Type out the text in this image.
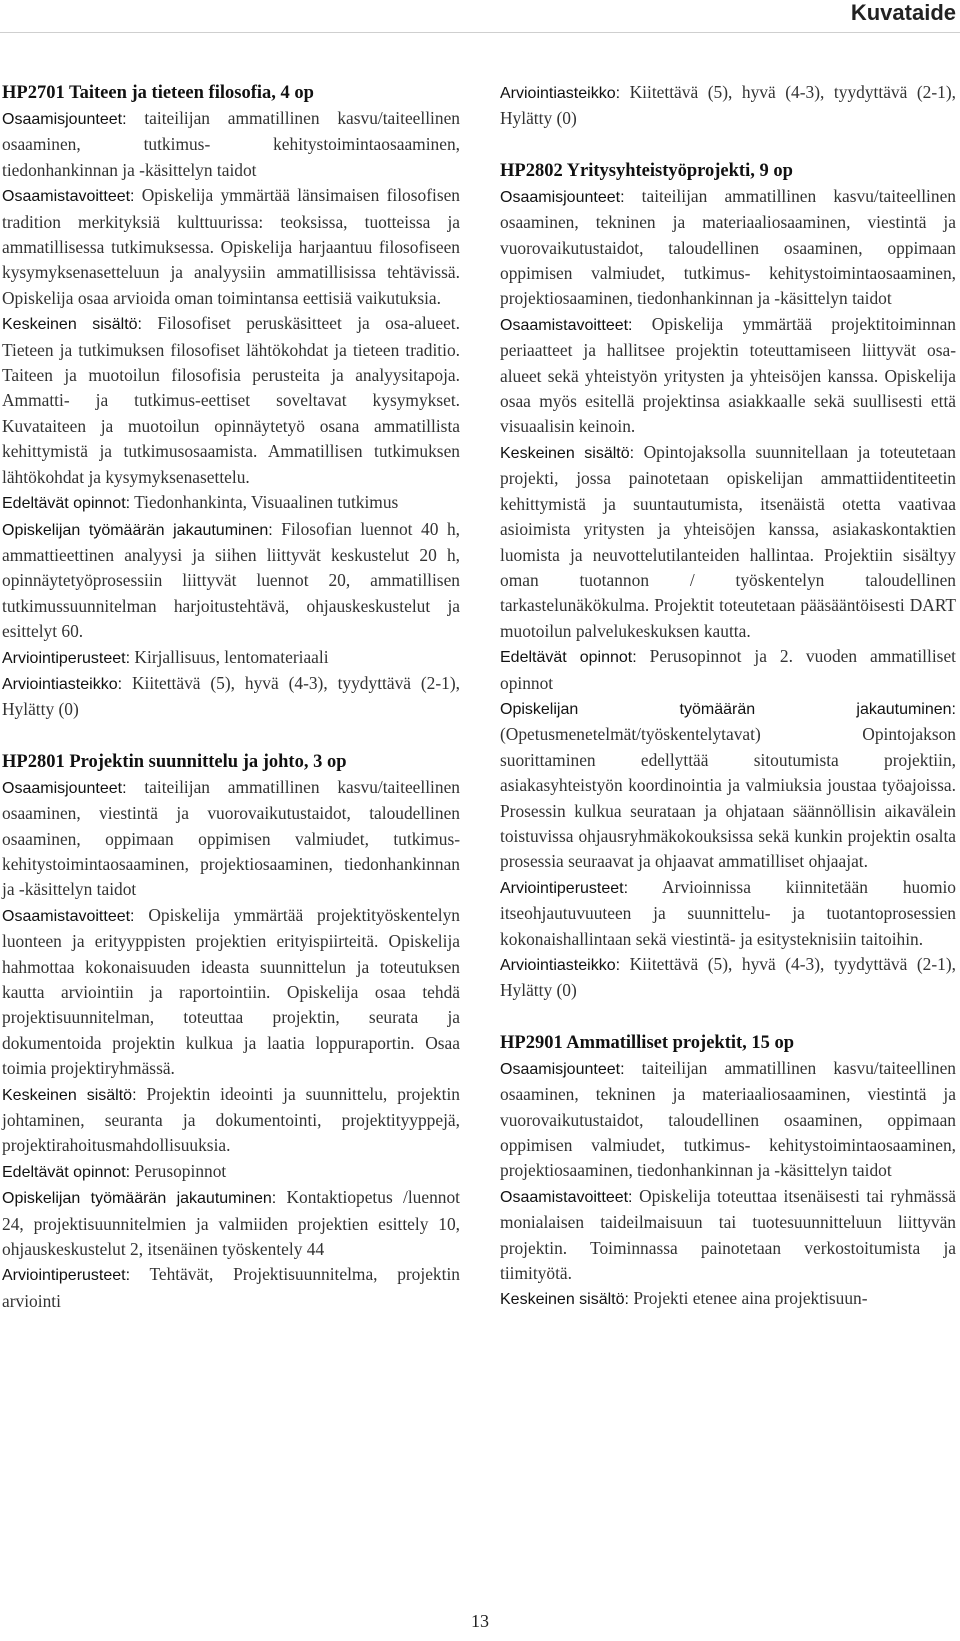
Kuvataide

HP2701 Taiteen ja tieteen filosofia, 4 op

Osaamisjounteet: taiteilijan ammatillinen kasvu/taiteellinen osaaminen, tutkimus- kehitystoimintaosaaminen, tiedonhankinnan ja -käsittelyn taidot

Osaamistavoitteet: Opiskelija ymmärtää länsimaisen filosofisen tradition merkityksiä kulttuurissa: teoksissa, tuotteissa ja ammatillisessa tutkimuksessa. Opiskelija harjaantuu filosofiseen kysymyksenasetteluun ja analyysiin ammatillisissa tehtävissä. Opiskelija osaa arvioida oman toimintansa eettisiä vaikutuksia.

Keskeinen sisältö: Filosofiset peruskäsitteet ja osa-alueet. Tieteen ja tutkimuksen filosofiset lähtökohdat ja tieteen traditio. Taiteen ja muotoilun filosofisia perusteita ja analyysitapoja. Ammatti- ja tutkimus-eettiset soveltavat kysymykset. Kuvataiteen ja muotoilun opinnäytetyö osana ammatillista kehittymistä ja tutkimusosaamista. Ammatillisen tutkimuksen lähtökohdat ja kysymyksenasettelu.

Edeltävät opinnot: Tiedonhankinta, Visuaalinen tutkimus

Opiskelijan työmäärän jakautuminen: Filosofian luennot 40 h, ammattieettinen analyysi ja siihen liittyvät keskustelut 20 h, opinnäytetyöprosessiin liittyvät luennot 20, ammatillisen tutkimussuunnitelman harjoitustehtävä, ohjauskeskustelut ja esittelyt 60.

Arviointiperusteet: Kirjallisuus, lentomateriaali

Arviointiasteikko: Kiitettävä (5), hyvä (4-3), tyydyttävä (2-1), Hylätty (0)

HP2801 Projektin suunnittelu ja johto, 3 op

Osaamisjounteet: taiteilijan ammatillinen kasvu/taiteellinen osaaminen, viestintä ja vuorovaikutustaidot, taloudellinen osaaminen, oppimaan oppimisen valmiudet, tutkimus- kehitystoimintaosaaminen, projektiosaaminen, tiedonhankinnan ja -käsittelyn taidot

Osaamistavoitteet: Opiskelija ymmärtää projektityöskentelyn luonteen ja erityyppisten projektien erityispiirteitä. Opiskelija hahmottaa kokonaisuuden ideasta suunnittelun ja toteutuksen kautta arviointiin ja raportointiin. Opiskelija osaa tehdä projektisuunnitelman, toteuttaa projektin, seurata ja dokumentoida projektin kulkua ja laatia loppuraportin. Osaa toimia projektiryhmässä.

Keskeinen sisältö: Projektin ideointi ja suunnittelu, projektin johtaminen, seuranta ja dokumentointi, projektityyppejä, projektirahoitusmahdollisuuksia.

Edeltävät opinnot: Perusopinnot

Opiskelijan työmäärän jakautuminen: Kontaktiopetus /luennot 24, projektisuunnitelmien ja valmiiden projektien esittely 10, ohjauskeskustelut 2, itsenäinen työskentely 44

Arviointiperusteet: Tehtävät, Projektisuunnitelma, projektin arviointi

Arviointiasteikko: Kiitettävä (5), hyvä (4-3), tyydyttävä (2-1), Hylätty (0)

HP2802 Yritysyhteistyöprojekti, 9 op

Osaamisjounteet: taiteilijan ammatillinen kasvu/taiteellinen osaaminen, tekninen ja materiaaliosaaminen, viestintä ja vuorovaikutustaidot, taloudellinen osaaminen, oppimaan oppimisen valmiudet, tutkimus- kehitystoimintaosaaminen, projektiosaaminen, tiedonhankinnan ja -käsittelyn taidot

Osaamistavoitteet: Opiskelija ymmärtää projektitoiminnan periaatteet ja hallitsee projektin toteuttamiseen liittyvät osa-alueet sekä yhteistyön yritysten ja yhteisöjen kanssa. Opiskelija osaa myös esitellä projektinsa asiakkaalle sekä suullisesti että visuaalisin keinoin.

Keskeinen sisältö: Opintojaksolla suunnitellaan ja toteutetaan projekti, jossa painotetaan opiskelijan ammattiidentiteetin kehittymistä ja suuntautumista, itsenäistä otetta vaativaa asioimista yritysten ja yhteisöjen kanssa, asiakaskontaktien luomista ja neuvottelutilanteiden hallintaa. Projektiin sisältyy oman tuotannon / työskentelyn taloudellinen tarkastelunäkökulma. Projektit toteutetaan pääsääntöisesti DART muotoilun palvelukeskuksen kautta.

Edeltävät opinnot: Perusopinnot ja 2. vuoden ammatilliset opinnot

Opiskelijan työmäärän jakautuminen: (Opetusmenetelmät/työskentelytavat) Opintojakson suorittaminen edellyttää sitoutumista projektiin, asiakasyhteistyön koordinointia ja valmiuksia joustaa työajoissa. Prosessin kulkua seurataan ja ohjataan säännöllisin aikavälein toistuvissa ohjausryhmäkokouksissa sekä kunkin projektin osalta prosessia seuraavat ja ohjaavat ammatilliset ohjaajat.

Arviointiperusteet: Arvioinnissa kiinnitetään huomio itseohjautuvuuteen ja suunnittelu- ja tuotantoprosessien kokonaishallintaan sekä viestintä- ja esitysteknisiin taitoihin.

Arviointiasteikko: Kiitettävä (5), hyvä (4-3), tyydyttävä (2-1), Hylätty (0)

HP2901 Ammatilliset projektit, 15 op

Osaamisjounteet: taiteilijan ammatillinen kasvu/taiteellinen osaaminen, tekninen ja materiaaliosaaminen, viestintä ja vuorovaikutustaidot, taloudellinen osaaminen, oppimaan oppimisen valmiudet, tutkimus- kehitystoimintaosaaminen, projektiosaaminen, tiedonhankinnan ja -käsittelyn taidot

Osaamistavoitteet: Opiskelija toteuttaa itsenäisesti tai ryhmässä monialaisen taideilmaisuun tai tuotesuunnitteluun liittyvän projektin. Toiminnassa painotetaan verkostoitumista ja tiimityötä.

Keskeinen sisältö: Projekti etenee aina projektisuun-

13
